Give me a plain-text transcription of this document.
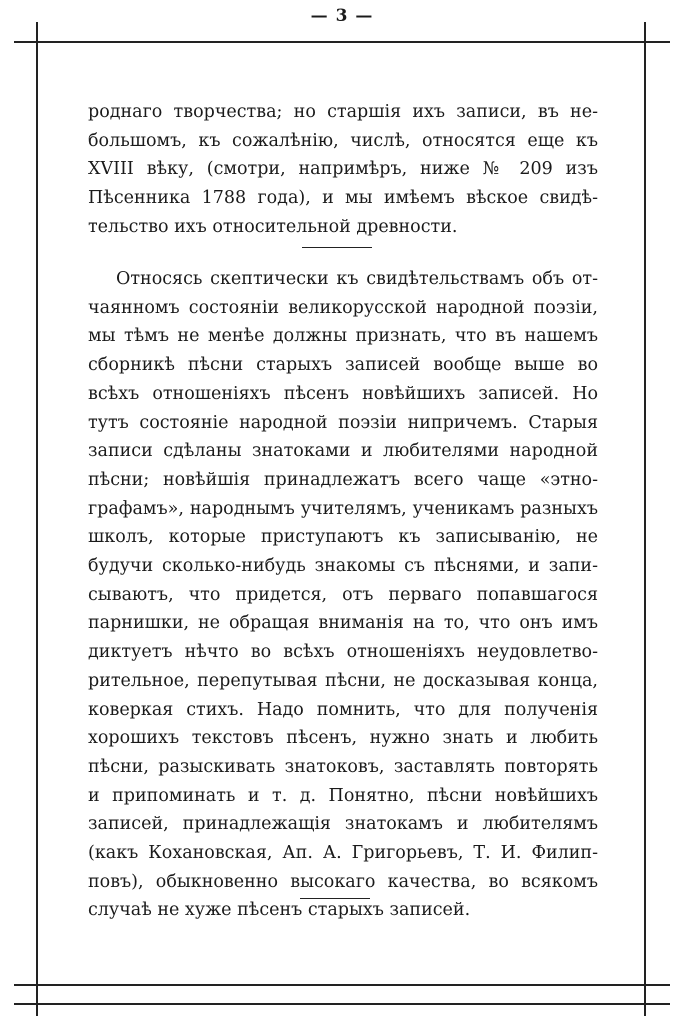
— 3 —
роднаго творчества; но старшія ихъ записи, въ не-
большомъ, къ сожалѣнію, числѣ, относятся еще къ
XVIII вѣку, (смотри, напримѣръ, ниже № 209 изъ
Пѣсенника 1788 года), и мы имѣемъ вѣское свидѣ-
тельство ихъ относительной древности.
Относясь скептически къ свидѣтельствамъ объ от-
чаянномъ состояніи великорусской народной поэзіи,
мы тѣмъ не менѣе должны признать, что въ нашемъ
сборникѣ пѣсни старыхъ записей вообще выше во
всѣхъ отношеніяхъ пѣсенъ новѣйшихъ записей. Но
тутъ состояніе народной поэзіи нипричемъ. Старыя
записи сдѣланы знатоками и любителями народной
пѣсни; новѣйшія принадлежатъ всего чаще «этно-
графамъ», народнымъ учителямъ, ученикамъ разныхъ
школъ, которые приступаютъ къ записыванію, не
будучи сколько-нибудь знакомы съ пѣснями, и запи-
сываютъ, что придется, отъ перваго попавшагося
парнишки, не обращая вниманія на то, что онъ имъ
диктуетъ нѣчто во всѣхъ отношеніяхъ неудовлетво-
рительное, перепутывая пѣсни, не досказывая конца,
коверкая стихъ. Надо помнить, что для полученія
хорошихъ текстовъ пѣсенъ, нужно знать и любить
пѣсни, разыскивать знатоковъ, заставлять повторять
и припоминать и т. д. Понятно, пѣсни новѣйшихъ
записей, принадлежащія знатокамъ и любителямъ
(какъ Кохановская, Ап. А. Григорьевъ, Т. И. Филип-
повъ), обыкновенно высокаго качества, во всякомъ
случаѣ не хуже пѣсенъ старыхъ записей.
